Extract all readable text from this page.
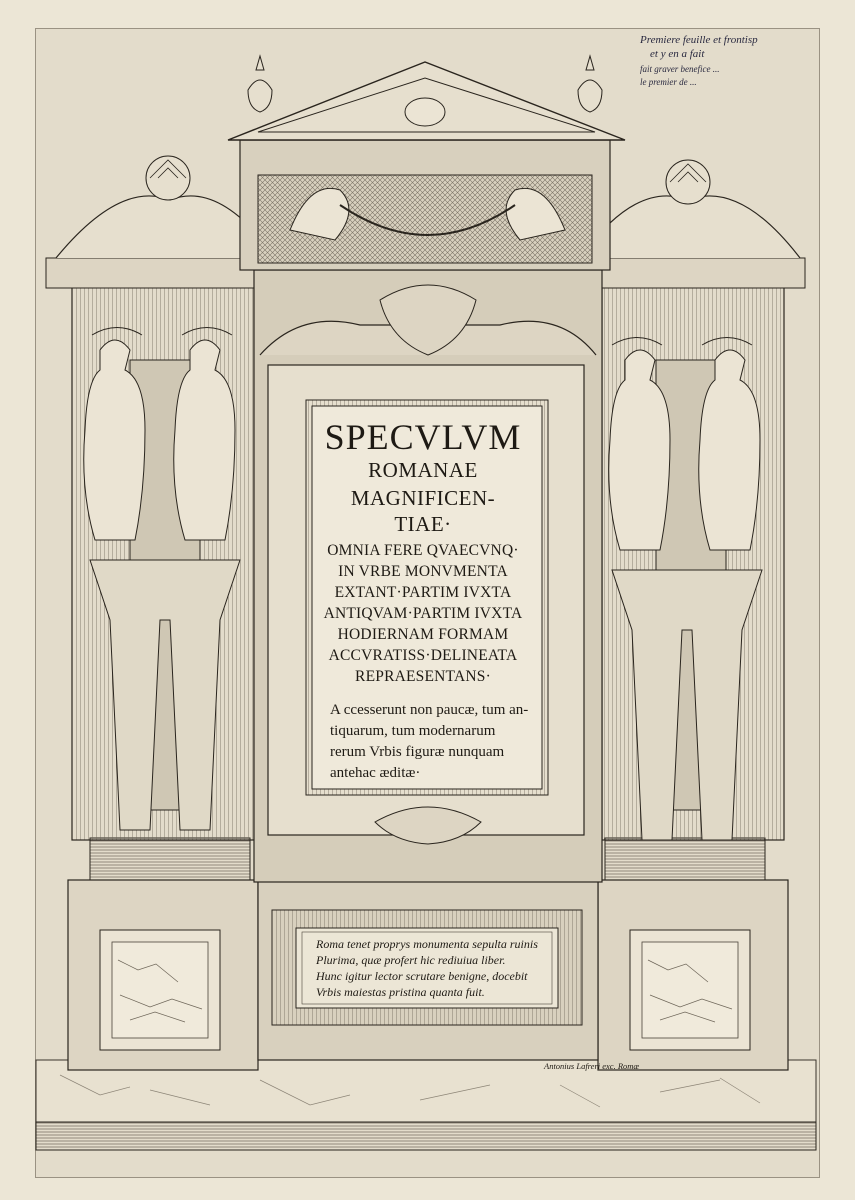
SPECVLVM
ROMANAE
MAGNIFICEN-
TIAE·
OMNIA FERE QVAECVNQ·
IN VRBE MONVMENTA
EXTANT·PARTIM IVXTA
ANTIQVAM·PARTIM IVXTA
HODIERNAM FORMAM
ACCVRATISS·DELINEATA
REPRAESENTANS·
A ccesserunt non paucæ, tum an-
tiquarum, tum modernarum
rerum Vrbis figuræ nunquam
antehac æditæ·
Roma tenet proprys monumenta sepulta ruinis
Plurima, quæ profert hic rediuiua liber.
Hunc igitur lector scrutare benigne, docebit
Vrbis maiestas pristina quanta fuit.
Antonius Lafreri exc. Romæ
Premiere feuille et frontisp
et y en a fait
fait graver benefice ...
le premier de ...
